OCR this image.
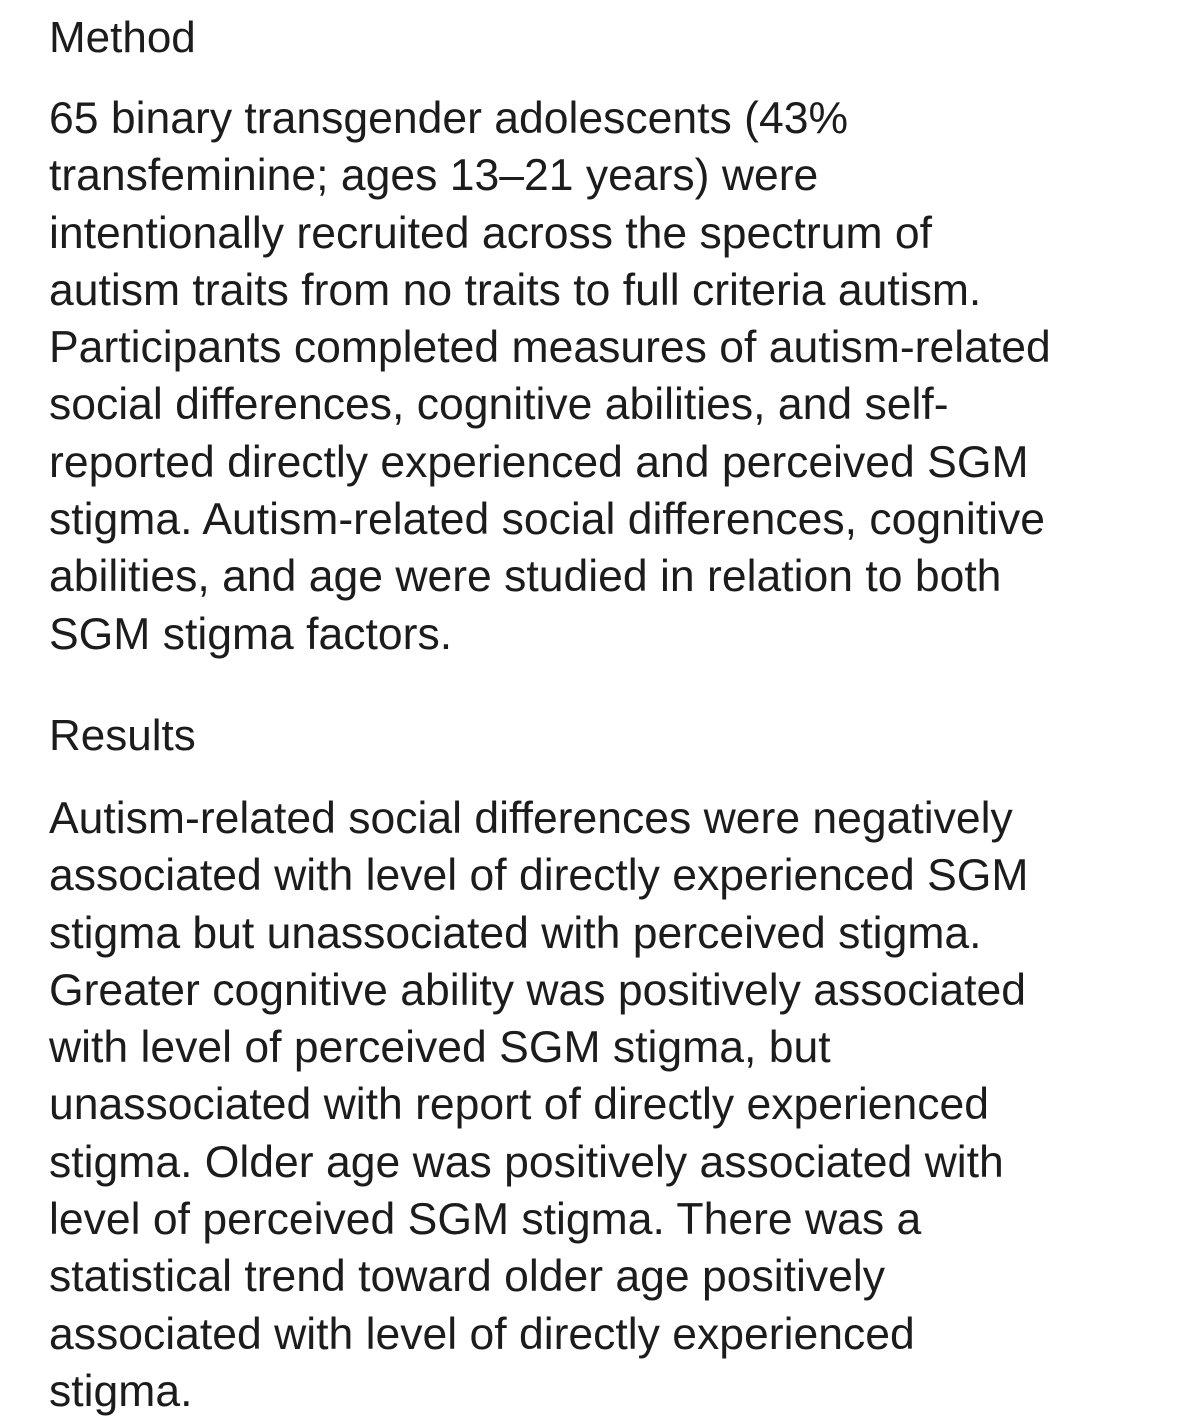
Method

65 binary transgender adolescents (43%
transfeminine; ages 13–21 years) were
intentionally recruited across the spectrum of
autism traits from no traits to full criteria autism.
Participants completed measures of autism-related
social differences, cognitive abilities, and self-
reported directly experienced and perceived SGM
stigma. Autism-related social differences, cognitive
abilities, and age were studied in relation to both
SGM stigma factors.

Results

Autism-related social differences were negatively
associated with level of directly experienced SGM
stigma but unassociated with perceived stigma.
Greater cognitive ability was positively associated
with level of perceived SGM stigma, but
unassociated with report of directly experienced
stigma. Older age was positively associated with
level of perceived SGM stigma. There was a
statistical trend toward older age positively
associated with level of directly experienced
stigma.
